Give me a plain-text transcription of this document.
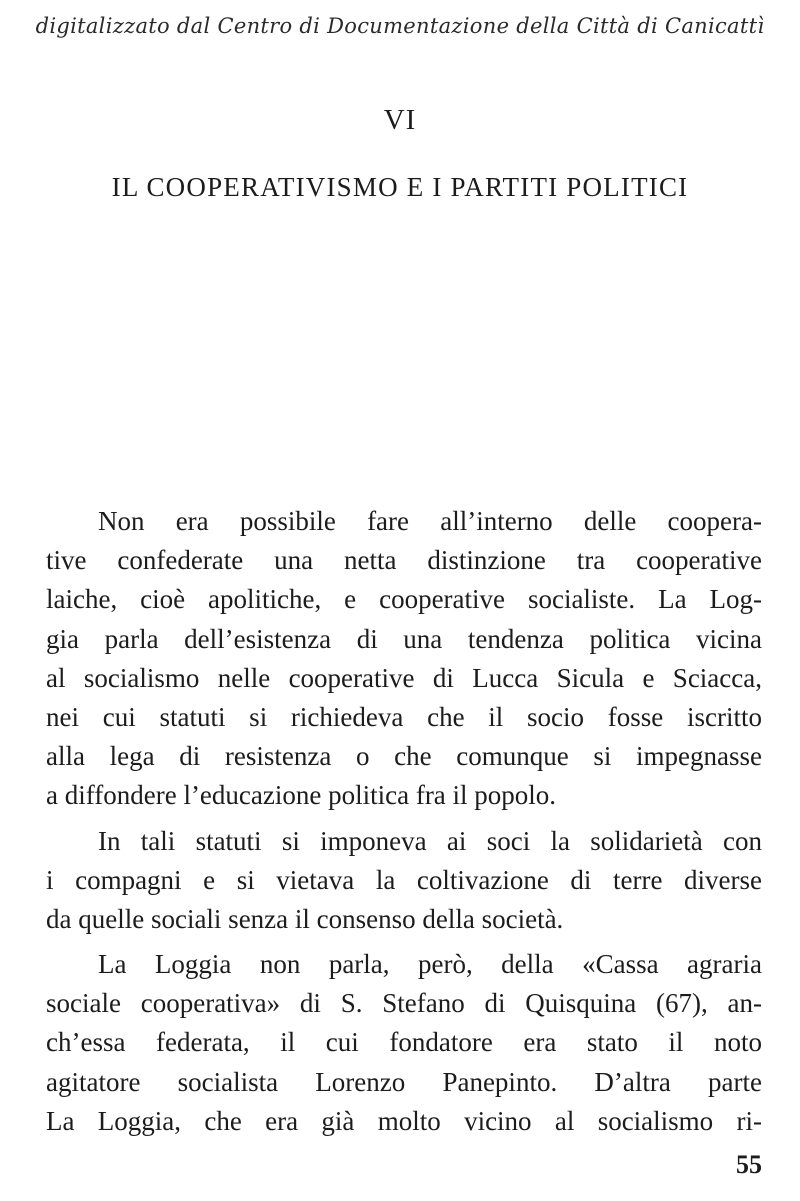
digitalizzato dal Centro di Documentazione della Città di Canicattì
VI
IL COOPERATIVISMO E I PARTITI POLITICI
Non era possibile fare all’interno delle coopera-
tive confederate una netta distinzione tra cooperative
laiche, cioè apolitiche, e cooperative socialiste. La Log-
gia parla dell’esistenza di una tendenza politica vicina
al socialismo nelle cooperative di Lucca Sicula e Sciacca,
nei cui statuti si richiedeva che il socio fosse iscritto
alla lega di resistenza o che comunque si impegnasse
a diffondere l’educazione politica fra il popolo.
In tali statuti si imponeva ai soci la solidarietà con
i compagni e si vietava la coltivazione di terre diverse
da quelle sociali senza il consenso della società.
La Loggia non parla, però, della «Cassa agraria
sociale cooperativa» di S. Stefano di Quisquina (67), an-
ch’essa federata, il cui fondatore era stato il noto
agitatore socialista Lorenzo Panepinto. D’altra parte
La Loggia, che era già molto vicino al socialismo ri-
55
